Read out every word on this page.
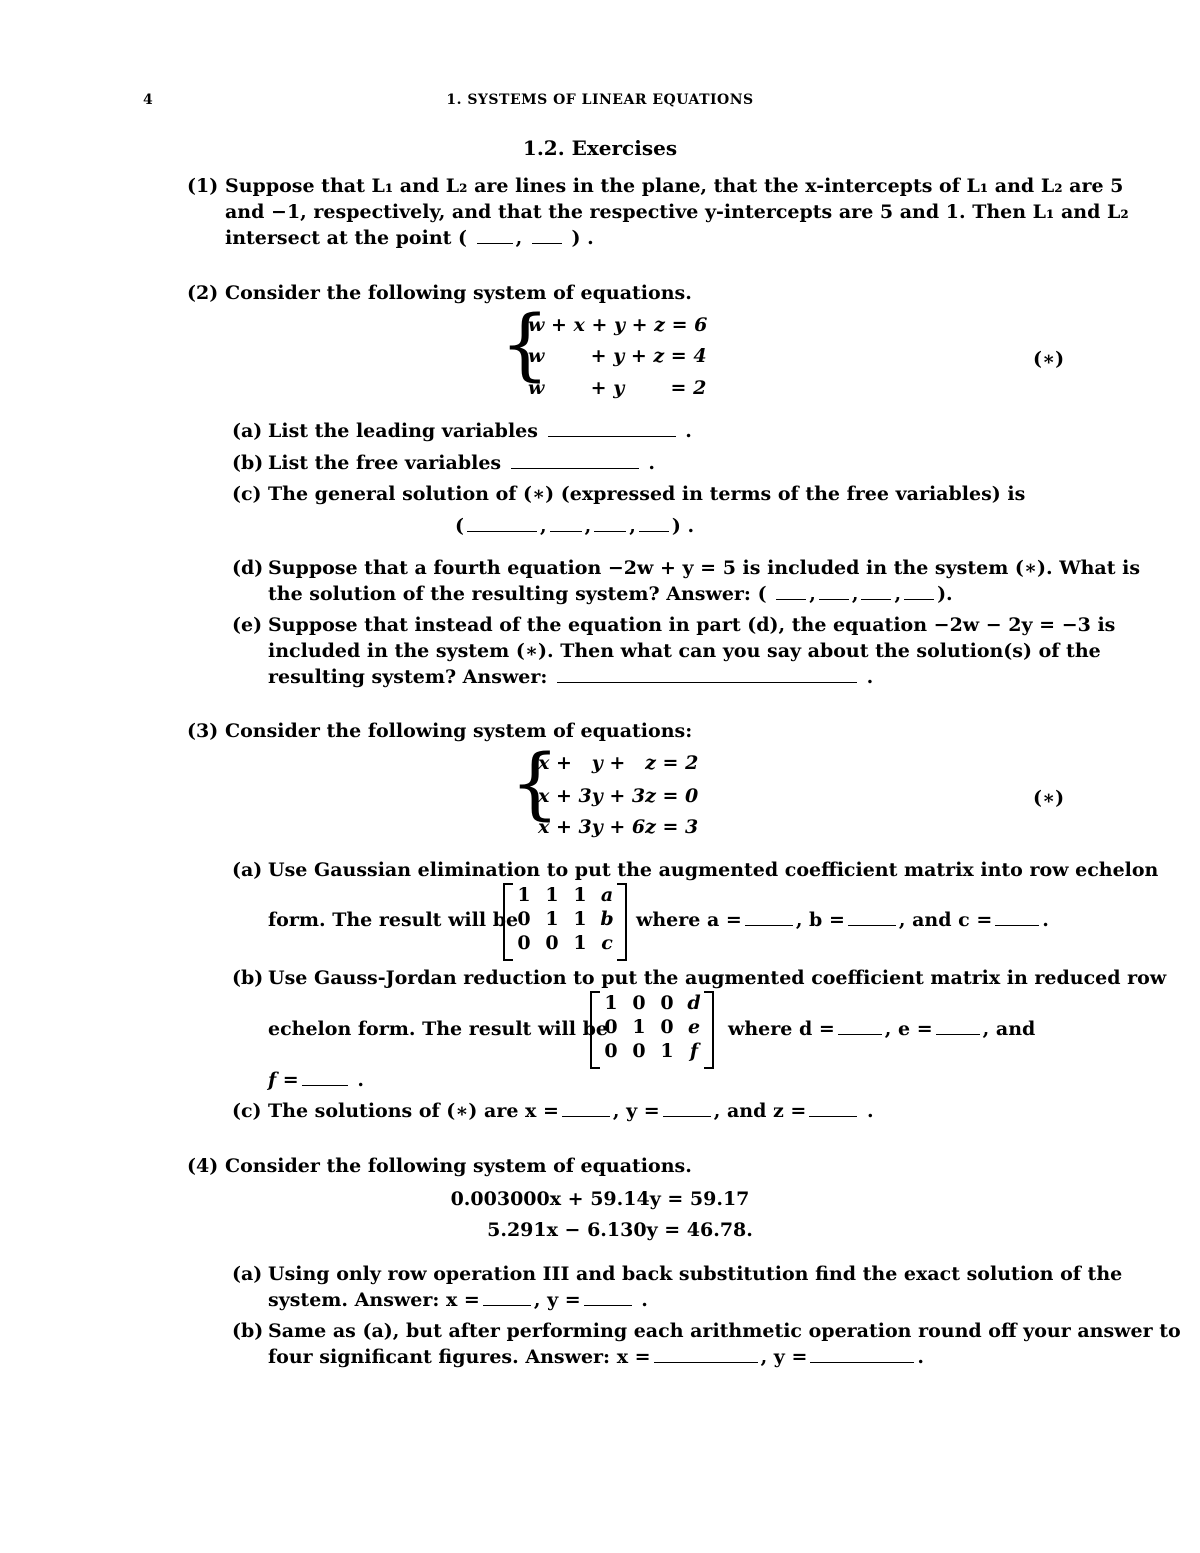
4	1. SYSTEMS OF LINEAR EQUATIONS
1.2. Exercises
(1) Suppose that L₁ and L₂ are lines in the plane, that the x-intercepts of L₁ and L₂ are 5
and −1, respectively, and that the respective y-intercepts are 5 and 1. Then L₁ and L₂
intersect at the point (	,	) .
(2) Consider the following system of equations.
{
w + x + y + z = 6
w       + y + z = 4
w       + y       = 2
(∗)
(a) List the leading variables	.
(b) List the free variables	.
(c) The general solution of (∗) (expressed in terms of the free variables) is
(	, , , ) .
(d) Suppose that a fourth equation −2w + y = 5 is included in the system (∗). What is
the solution of the resulting system? Answer: ( , , , ).
(e) Suppose that instead of the equation in part (d), the equation −2w − 2y = −3 is
included in the system (∗). Then what can you say about the solution(s) of the
resulting system? Answer:	.
(3) Consider the following system of equations:
{
x +   y +   z = 2
x + 3y + 3z = 0
x + 3y + 6z = 3
(∗)
(a) Use Gaussian elimination to put the augmented coefficient matrix into row echelon
form. The result will be
1 1 1 a
0 1 1 b
0 0 1 c
where a =	, b =	, and c =	.
(b) Use Gauss-Jordan reduction to put the augmented coefficient matrix in reduced row
echelon form. The result will be
1 0 0 d
0 1 0 e
0 0 1 f
where d =	, e =	, and
f =	.
(c) The solutions of (∗) are x =	, y =	, and z =	.
(4) Consider the following system of equations.
0.003000x + 59.14y = 59.17
5.291x − 6.130y = 46.78.
(a) Using only row operation III and back substitution find the exact solution of the
system. Answer: x =	, y =	.
(b) Same as (a), but after performing each arithmetic operation round off your answer to
four significant figures. Answer: x =	, y =	.
